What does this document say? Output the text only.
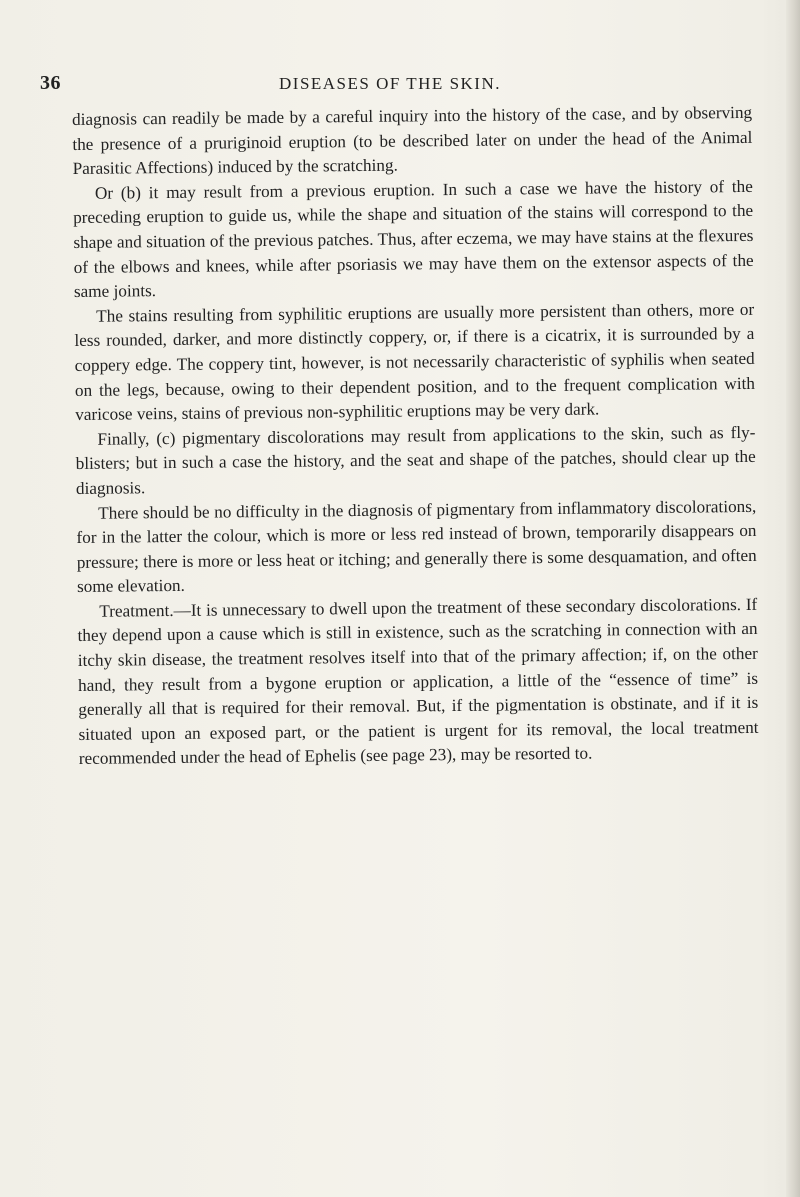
36	DISEASES OF THE SKIN.

diagnosis can readily be made by a careful inquiry into the history of the case, and by observing the presence of a pruriginoid eruption (to be described later on under the head of the Animal Parasitic Affections) induced by the scratching.

Or (b) it may result from a previous eruption. In such a case we have the history of the preceding eruption to guide us, while the shape and situation of the stains will correspond to the shape and situation of the previous patches. Thus, after eczema, we may have stains at the flexures of the elbows and knees, while after psoriasis we may have them on the extensor aspects of the same joints.

The stains resulting from syphilitic eruptions are usually more persistent than others, more or less rounded, darker, and more distinctly coppery, or, if there is a cicatrix, it is surrounded by a coppery edge. The coppery tint, however, is not necessarily characteristic of syphilis when seated on the legs, because, owing to their dependent position, and to the frequent complication with varicose veins, stains of previous non-syphilitic eruptions may be very dark.

Finally, (c) pigmentary discolorations may result from applications to the skin, such as fly-blisters; but in such a case the history, and the seat and shape of the patches, should clear up the diagnosis.

There should be no difficulty in the diagnosis of pigmentary from inflammatory discolorations, for in the latter the colour, which is more or less red instead of brown, temporarily disappears on pressure; there is more or less heat or itching; and generally there is some desquamation, and often some elevation.

Treatment.—It is unnecessary to dwell upon the treatment of these secondary discolorations. If they depend upon a cause which is still in existence, such as the scratching in connection with an itchy skin disease, the treatment resolves itself into that of the primary affection; if, on the other hand, they result from a bygone eruption or application, a little of the “essence of time” is generally all that is required for their removal. But, if the pigmentation is obstinate, and if it is situated upon an exposed part, or the patient is urgent for its removal, the local treatment recommended under the head of Ephelis (see page 23), may be resorted to.
